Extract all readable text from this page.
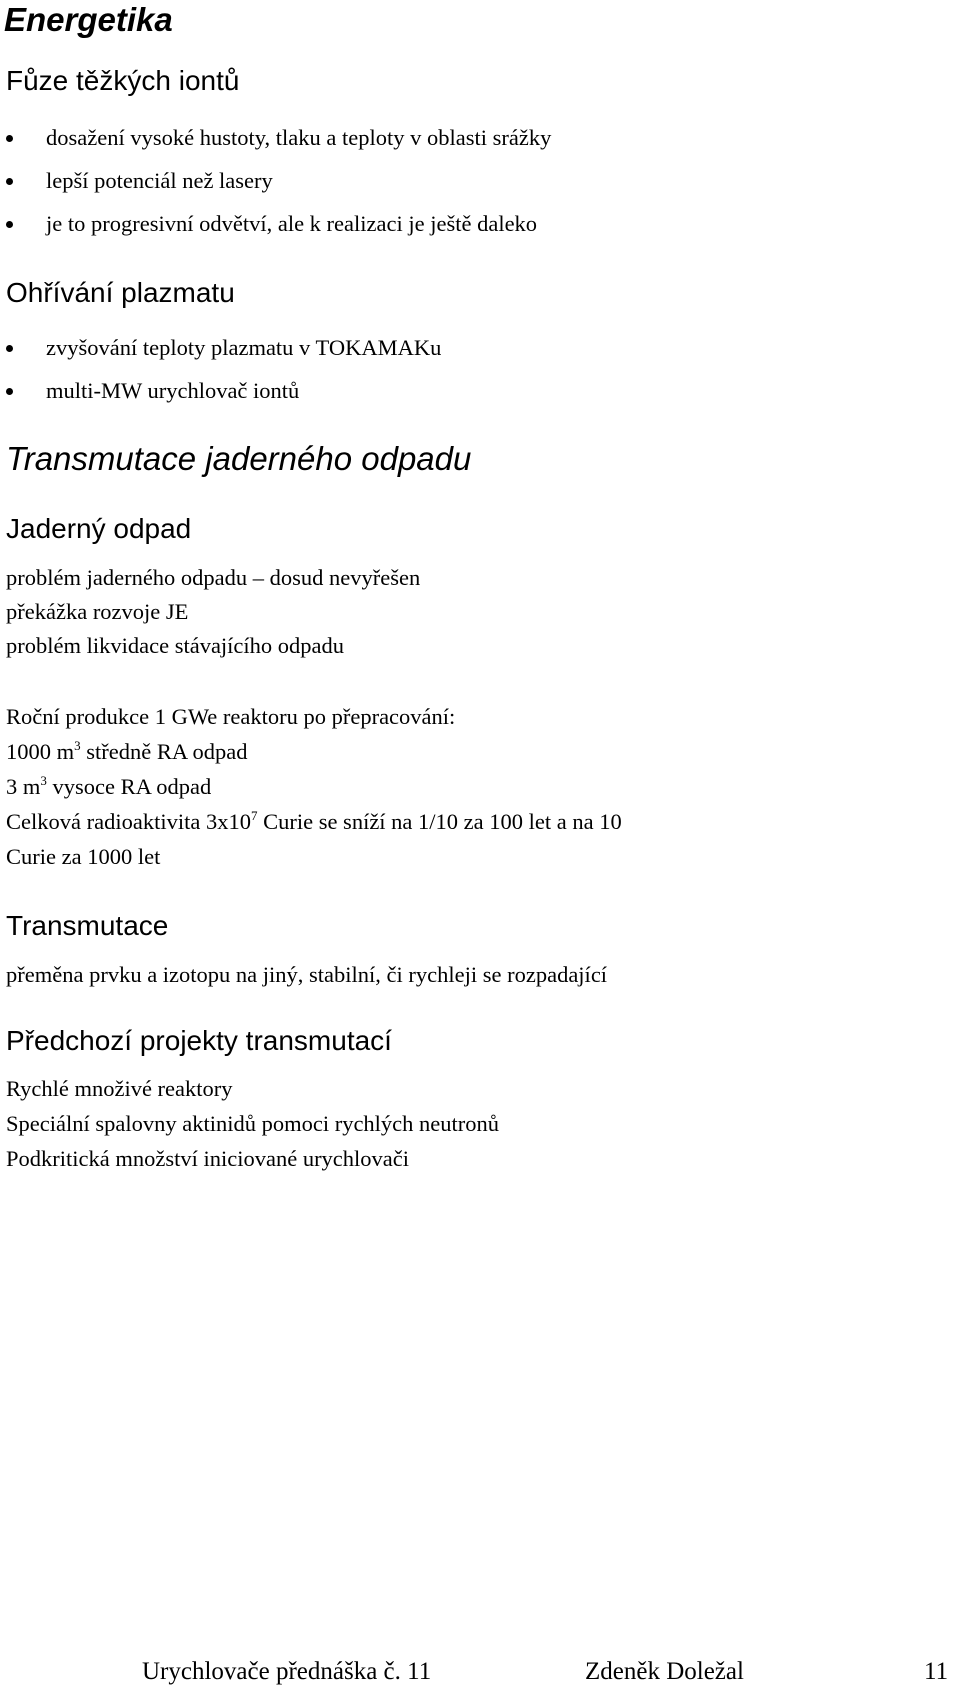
Energetika
Fůze těžkých iontů
dosažení vysoké hustoty, tlaku a teploty v oblasti srážky
lepší potenciál než lasery
je to progresivní odvětví, ale k realizaci je ještě daleko
Ohřívání plazmatu
zvyšování teploty plazmatu v TOKAMAKu
multi-MW urychlovač iontů
Transmutace jaderného odpadu
Jaderný odpad
problém jaderného odpadu – dosud nevyřešen
překážka rozvoje JE
problém likvidace stávajícího odpadu
Roční produkce 1 GWe reaktoru po přepracování:
1000 $m^3$ středně RA odpad
3 $m^3$ vysoce RA odpad
Celková radioaktivita $3x10^7$ Curie se sníží na 1/10 za 100 let a na 10
Curie za 1000 let
Transmutace
přeměna prvku a izotopu na jiný, stabilní, či rychleji se rozpadající
Předchozí projekty transmutací
Rychlé množivé reaktory
Speciální spalovny aktinidů pomoci rychlých neutronů
Podkritická množství iniciované urychlovači
Urychlovače přednáška č. 11	Zdeněk Doležal	11
